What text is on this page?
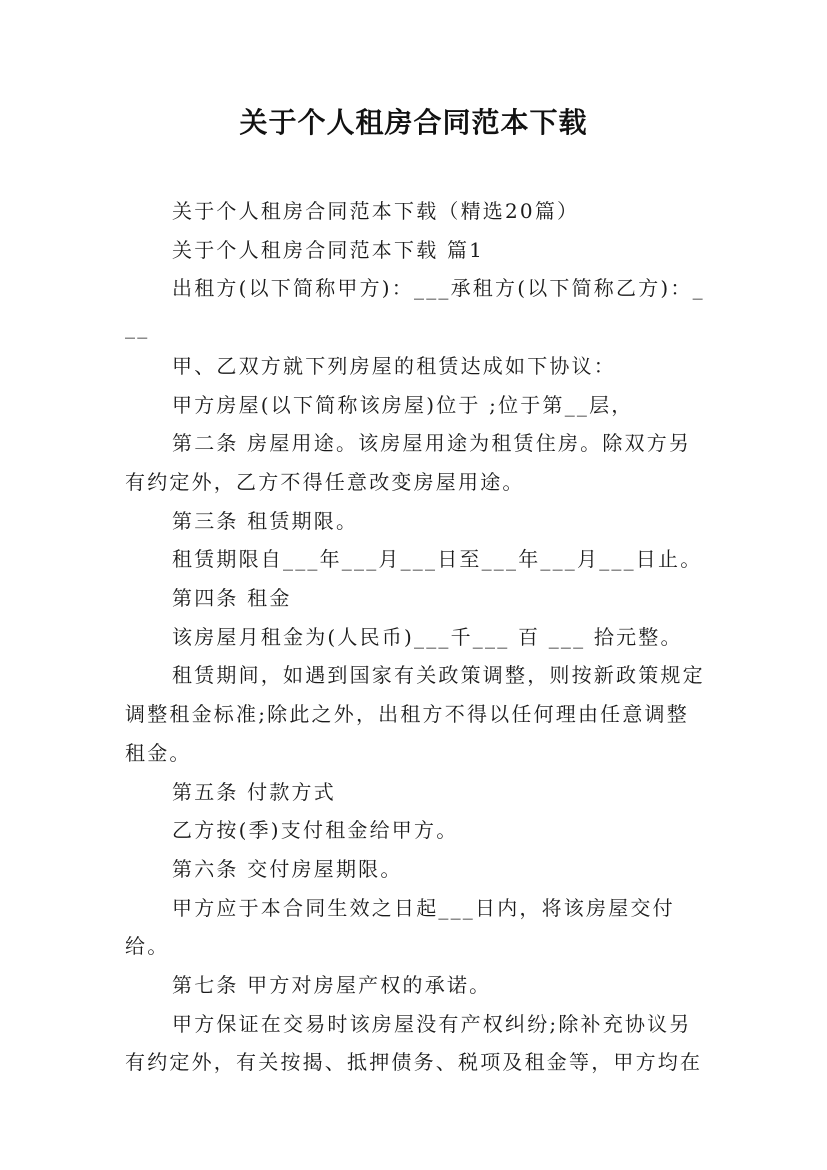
关于个人租房合同范本下载

关于个人租房合同范本下载（精选20篇）

关于个人租房合同范本下载 篇1

出租方(以下简称甲方)：___承租方(以下简称乙方)：___

甲、乙双方就下列房屋的租赁达成如下协议：

甲方房屋(以下简称该房屋)位于 ;位于第__层，

第二条 房屋用途。该房屋用途为租赁住房。除双方另有约定外，乙方不得任意改变房屋用途。

第三条 租赁期限。

租赁期限自___年___月___日至___年___月___日止。

第四条 租金

该房屋月租金为(人民币)___千___ 百 ___ 拾元整。

租赁期间，如遇到国家有关政策调整，则按新政策规定调整租金标准;除此之外，出租方不得以任何理由任意调整租金。

第五条 付款方式

乙方按(季)支付租金给甲方。

第六条 交付房屋期限。

甲方应于本合同生效之日起___日内，将该房屋交付给。

第七条 甲方对房屋产权的承诺。

甲方保证在交易时该房屋没有产权纠纷;除补充协议另有约定外，有关按揭、抵押债务、税项及租金等，甲方均在
